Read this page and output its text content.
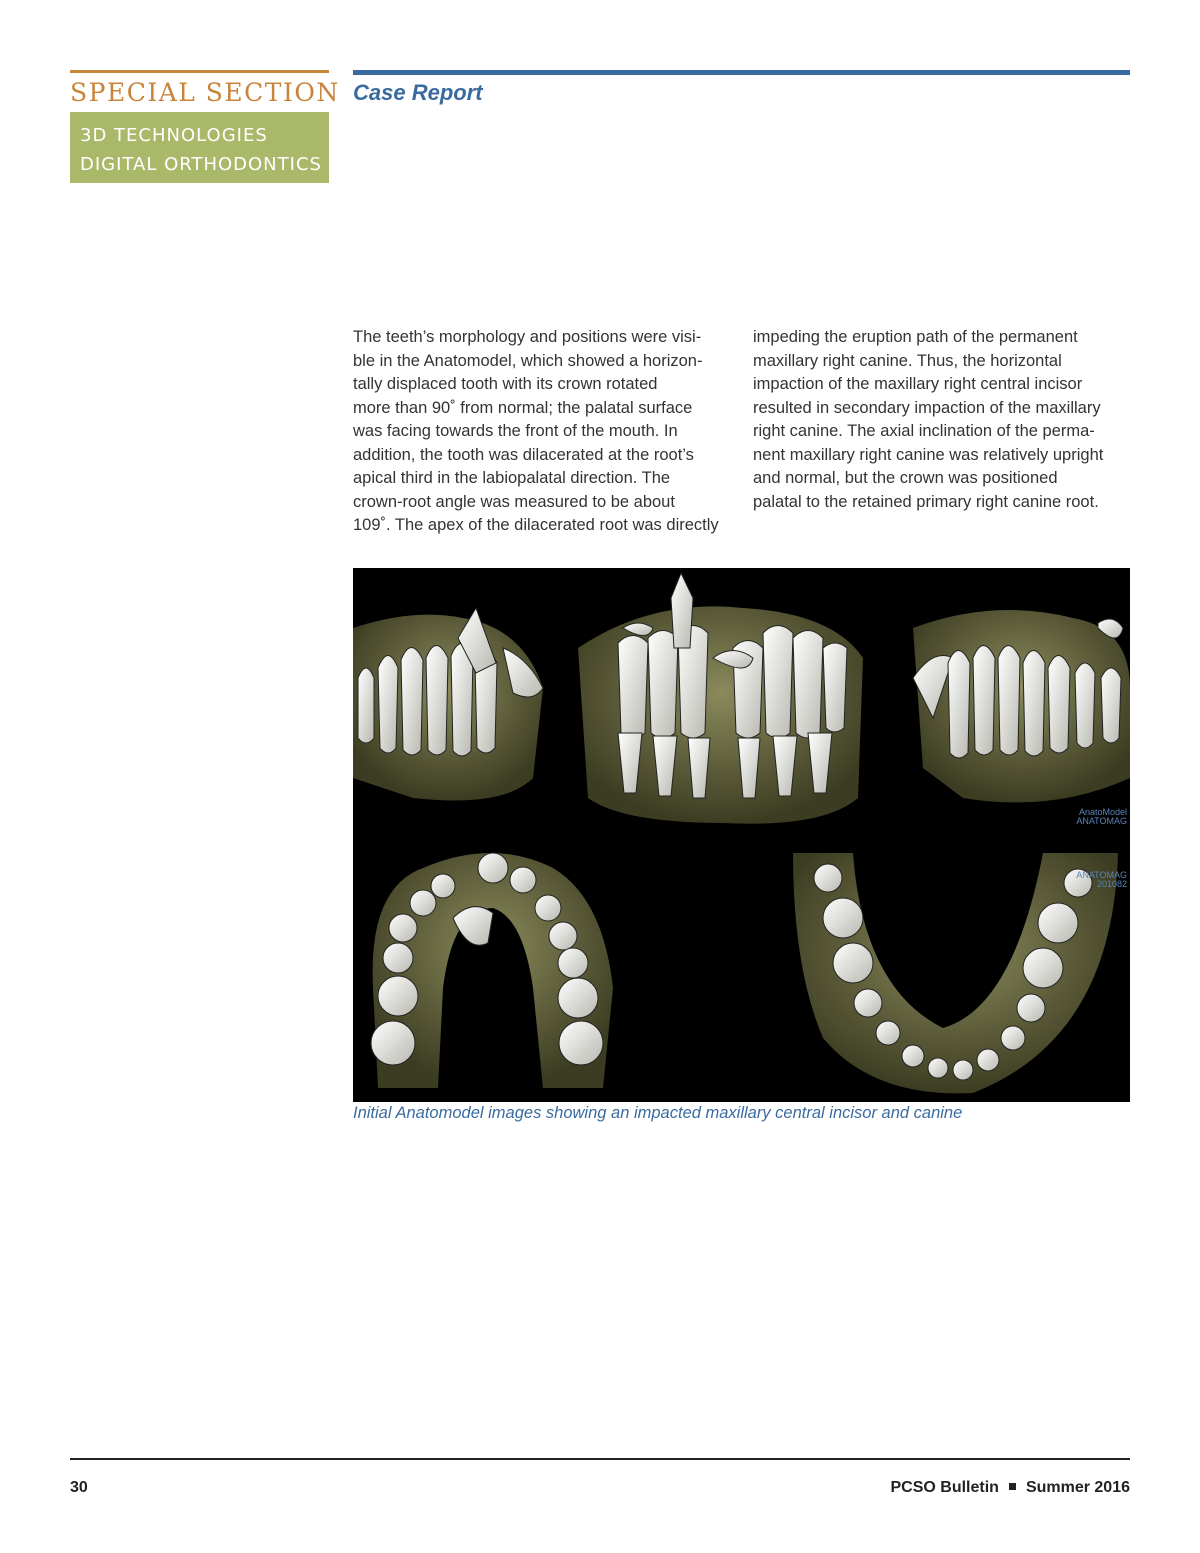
SPECIAL SECTION
3D TECHNOLOGIES
DIGITAL ORTHODONTICS
Case Report
The teeth’s morphology and positions were visi-
ble in the Anatomodel, which showed a horizon-
tally displaced tooth with its crown rotated
more than 90˚ from normal; the palatal surface
was facing towards the front of the mouth. In
addition, the tooth was dilacerated at the root’s
apical third in the labiopalatal direction. The
crown-root angle was measured to be about
109˚. The apex of the dilacerated root was directly
impeding the eruption path of the permanent
maxillary right canine. Thus, the horizontal
impaction of the maxillary right central incisor
resulted in secondary impaction of the maxillary
right canine. The axial inclination of the perma-
nent maxillary right canine was relatively upright
and normal, but the crown was positioned
palatal to the retained primary right canine root.
AnatoModel
ANATOMAG
ANATOMAG
201082
Initial Anatomodel images showing an impacted maxillary central incisor and canine
30	PCSO Bulletin Summer 2016
